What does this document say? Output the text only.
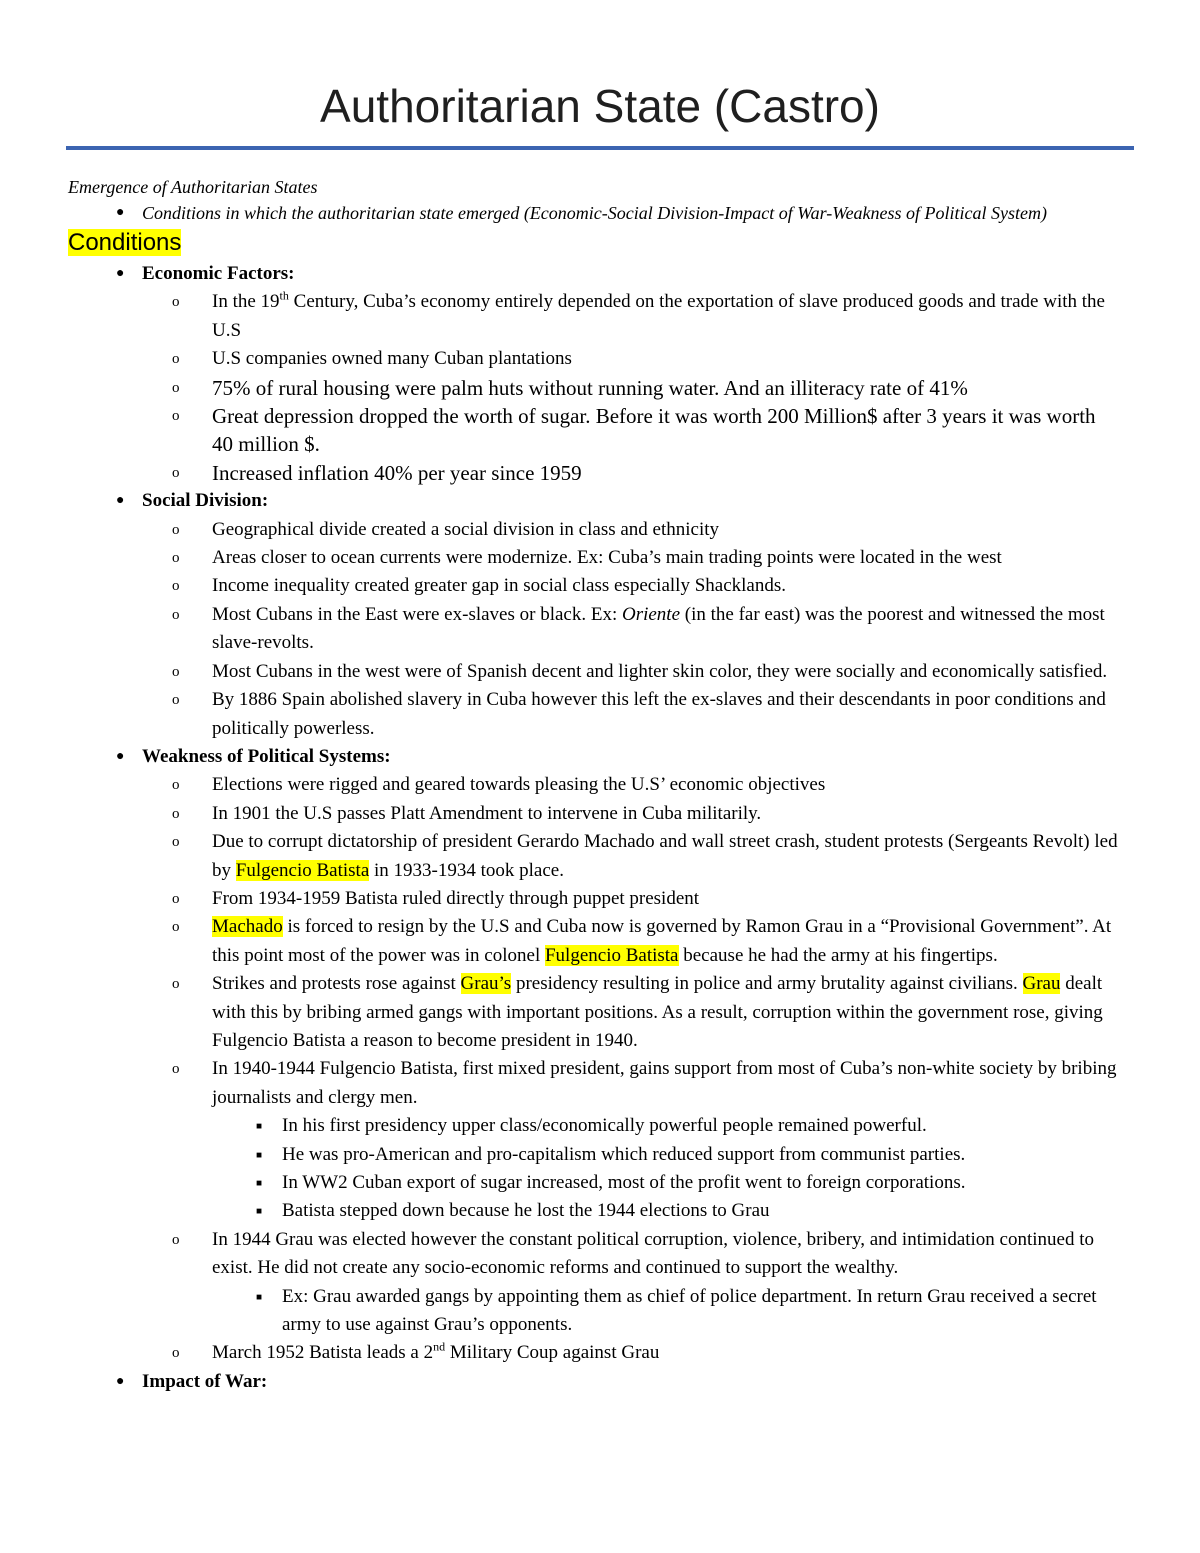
Authoritarian State (Castro)
Emergence of Authoritarian States
● Conditions in which the authoritarian state emerged (Economic-Social Division-Impact of War-Weakness of Political System)
Conditions
● Economic Factors:
o In the 19th Century, Cuba’s economy entirely depended on the exportation of slave produced goods and trade with the U.S
o U.S companies owned many Cuban plantations
o 75% of rural housing were palm huts without running water. And an illiteracy rate of 41%
o Great depression dropped the worth of sugar. Before it was worth 200 Million$ after 3 years it was worth 40 million $.
o Increased inflation 40% per year since 1959
● Social Division:
o Geographical divide created a social division in class and ethnicity
o Areas closer to ocean currents were modernize. Ex: Cuba’s main trading points were located in the west
o Income inequality created greater gap in social class especially Shacklands.
o Most Cubans in the East were ex-slaves or black. Ex: Oriente (in the far east) was the poorest and witnessed the most slave-revolts.
o Most Cubans in the west were of Spanish decent and lighter skin color, they were socially and economically satisfied.
o By 1886 Spain abolished slavery in Cuba however this left the ex-slaves and their descendants in poor conditions and politically powerless.
● Weakness of Political Systems:
o Elections were rigged and geared towards pleasing the U.S’ economic objectives
o In 1901 the U.S passes Platt Amendment to intervene in Cuba militarily.
o Due to corrupt dictatorship of president Gerardo Machado and wall street crash, student protests (Sergeants Revolt) led by Fulgencio Batista in 1933-1934 took place.
o From 1934-1959 Batista ruled directly through puppet president
o Machado is forced to resign by the U.S and Cuba now is governed by Ramon Grau in a “Provisional Government”. At this point most of the power was in colonel Fulgencio Batista because he had the army at his fingertips.
o Strikes and protests rose against Grau’s presidency resulting in police and army brutality against civilians. Grau dealt with this by bribing armed gangs with important positions. As a result, corruption within the government rose, giving Fulgencio Batista a reason to become president in 1940.
o In 1940-1944 Fulgencio Batista, first mixed president, gains support from most of Cuba’s non-white society by bribing journalists and clergy men.
■ In his first presidency upper class/economically powerful people remained powerful.
■ He was pro-American and pro-capitalism which reduced support from communist parties.
■ In WW2 Cuban export of sugar increased, most of the profit went to foreign corporations.
■ Batista stepped down because he lost the 1944 elections to Grau
o In 1944 Grau was elected however the constant political corruption, violence, bribery, and intimidation continued to exist. He did not create any socio-economic reforms and continued to support the wealthy.
■ Ex: Grau awarded gangs by appointing them as chief of police department. In return Grau received a secret army to use against Grau’s opponents.
o March 1952 Batista leads a 2nd Military Coup against Grau
● Impact of War:
